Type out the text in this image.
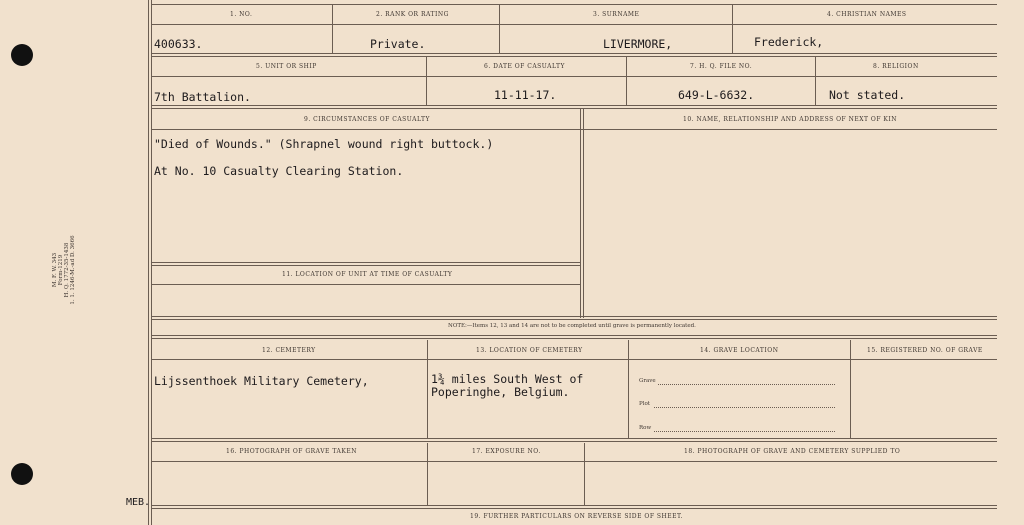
M. F. W. 343 Form-1219 H. Q. 1772-35-1438 1. 1. 1246-M.-ad D. 3666
1. NO.	2. RANK OR RATING	3. SURNAME	4. CHRISTIAN NAMES
400633.	Private.	LIVERMORE,	Frederick,
5. UNIT OR SHIP	6. DATE OF CASUALTY	7. H. Q. FILE NO.	8. RELIGION
7th Battalion.	11-11-17.	649-L-6632.	Not stated.
9. CIRCUMSTANCES OF CASUALTY	10. NAME, RELATIONSHIP AND ADDRESS OF NEXT OF KIN
"Died of Wounds." (Shrapnel wound right buttock.)
At No. 10 Casualty Clearing Station.
11. LOCATION OF UNIT AT TIME OF CASUALTY
NOTE:—Items 12, 13 and 14 are not to be completed until grave is permanently located.
12. CEMETERY	13. LOCATION OF CEMETERY	14. GRAVE LOCATION	15. REGISTERED NO. OF GRAVE
Lijssenthoek Military Cemetery,	1¾ miles South West of
Poperinghe, Belgium.
Grave
Plot
Row
16. PHOTOGRAPH OF GRAVE TAKEN	17. EXPOSURE NO.	18. PHOTOGRAPH OF GRAVE AND CEMETERY SUPPLIED TO
19. FURTHER PARTICULARS ON REVERSE SIDE OF SHEET.
MEB.
